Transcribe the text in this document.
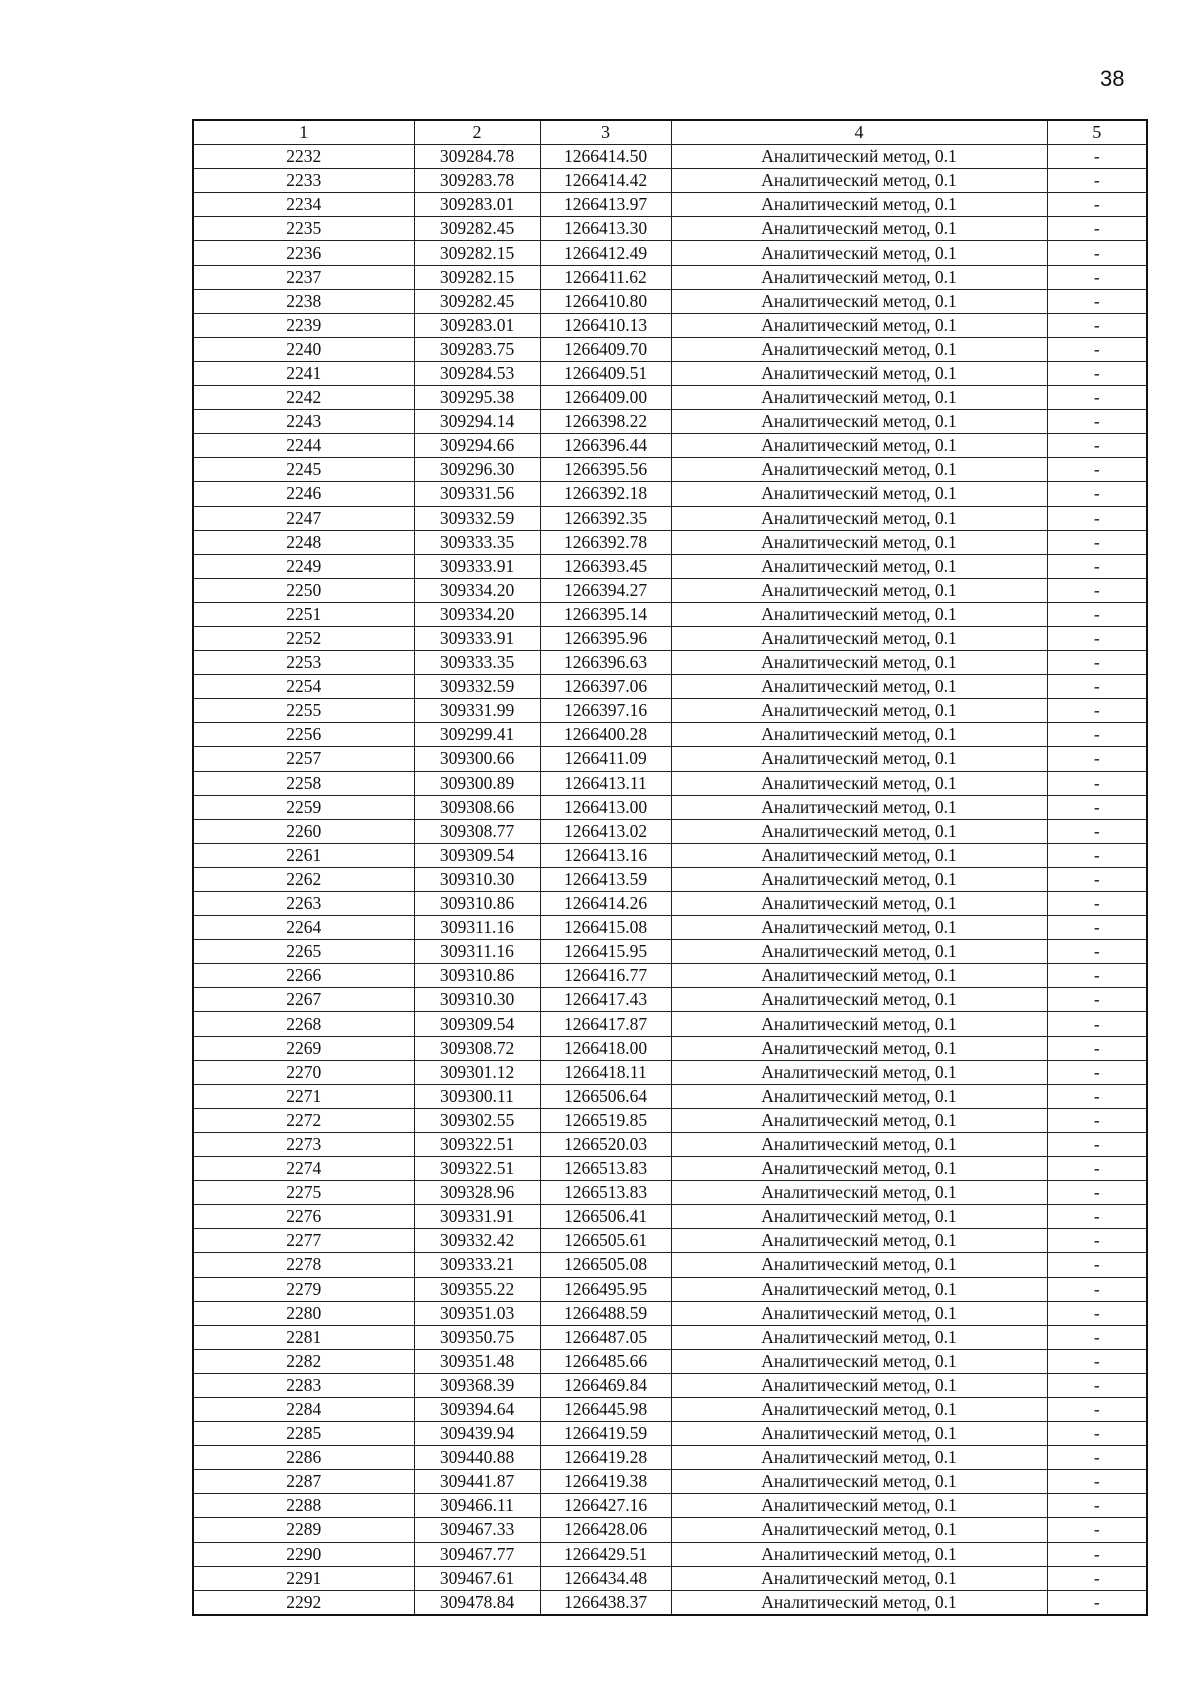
38
1	2	3	4	5
2232	309284.78	1266414.50	Аналитический метод, 0.1	-
2233	309283.78	1266414.42	Аналитический метод, 0.1	-
2234	309283.01	1266413.97	Аналитический метод, 0.1	-
2235	309282.45	1266413.30	Аналитический метод, 0.1	-
2236	309282.15	1266412.49	Аналитический метод, 0.1	-
2237	309282.15	1266411.62	Аналитический метод, 0.1	-
2238	309282.45	1266410.80	Аналитический метод, 0.1	-
2239	309283.01	1266410.13	Аналитический метод, 0.1	-
2240	309283.75	1266409.70	Аналитический метод, 0.1	-
2241	309284.53	1266409.51	Аналитический метод, 0.1	-
2242	309295.38	1266409.00	Аналитический метод, 0.1	-
2243	309294.14	1266398.22	Аналитический метод, 0.1	-
2244	309294.66	1266396.44	Аналитический метод, 0.1	-
2245	309296.30	1266395.56	Аналитический метод, 0.1	-
2246	309331.56	1266392.18	Аналитический метод, 0.1	-
2247	309332.59	1266392.35	Аналитический метод, 0.1	-
2248	309333.35	1266392.78	Аналитический метод, 0.1	-
2249	309333.91	1266393.45	Аналитический метод, 0.1	-
2250	309334.20	1266394.27	Аналитический метод, 0.1	-
2251	309334.20	1266395.14	Аналитический метод, 0.1	-
2252	309333.91	1266395.96	Аналитический метод, 0.1	-
2253	309333.35	1266396.63	Аналитический метод, 0.1	-
2254	309332.59	1266397.06	Аналитический метод, 0.1	-
2255	309331.99	1266397.16	Аналитический метод, 0.1	-
2256	309299.41	1266400.28	Аналитический метод, 0.1	-
2257	309300.66	1266411.09	Аналитический метод, 0.1	-
2258	309300.89	1266413.11	Аналитический метод, 0.1	-
2259	309308.66	1266413.00	Аналитический метод, 0.1	-
2260	309308.77	1266413.02	Аналитический метод, 0.1	-
2261	309309.54	1266413.16	Аналитический метод, 0.1	-
2262	309310.30	1266413.59	Аналитический метод, 0.1	-
2263	309310.86	1266414.26	Аналитический метод, 0.1	-
2264	309311.16	1266415.08	Аналитический метод, 0.1	-
2265	309311.16	1266415.95	Аналитический метод, 0.1	-
2266	309310.86	1266416.77	Аналитический метод, 0.1	-
2267	309310.30	1266417.43	Аналитический метод, 0.1	-
2268	309309.54	1266417.87	Аналитический метод, 0.1	-
2269	309308.72	1266418.00	Аналитический метод, 0.1	-
2270	309301.12	1266418.11	Аналитический метод, 0.1	-
2271	309300.11	1266506.64	Аналитический метод, 0.1	-
2272	309302.55	1266519.85	Аналитический метод, 0.1	-
2273	309322.51	1266520.03	Аналитический метод, 0.1	-
2274	309322.51	1266513.83	Аналитический метод, 0.1	-
2275	309328.96	1266513.83	Аналитический метод, 0.1	-
2276	309331.91	1266506.41	Аналитический метод, 0.1	-
2277	309332.42	1266505.61	Аналитический метод, 0.1	-
2278	309333.21	1266505.08	Аналитический метод, 0.1	-
2279	309355.22	1266495.95	Аналитический метод, 0.1	-
2280	309351.03	1266488.59	Аналитический метод, 0.1	-
2281	309350.75	1266487.05	Аналитический метод, 0.1	-
2282	309351.48	1266485.66	Аналитический метод, 0.1	-
2283	309368.39	1266469.84	Аналитический метод, 0.1	-
2284	309394.64	1266445.98	Аналитический метод, 0.1	-
2285	309439.94	1266419.59	Аналитический метод, 0.1	-
2286	309440.88	1266419.28	Аналитический метод, 0.1	-
2287	309441.87	1266419.38	Аналитический метод, 0.1	-
2288	309466.11	1266427.16	Аналитический метод, 0.1	-
2289	309467.33	1266428.06	Аналитический метод, 0.1	-
2290	309467.77	1266429.51	Аналитический метод, 0.1	-
2291	309467.61	1266434.48	Аналитический метод, 0.1	-
2292	309478.84	1266438.37	Аналитический метод, 0.1	-
